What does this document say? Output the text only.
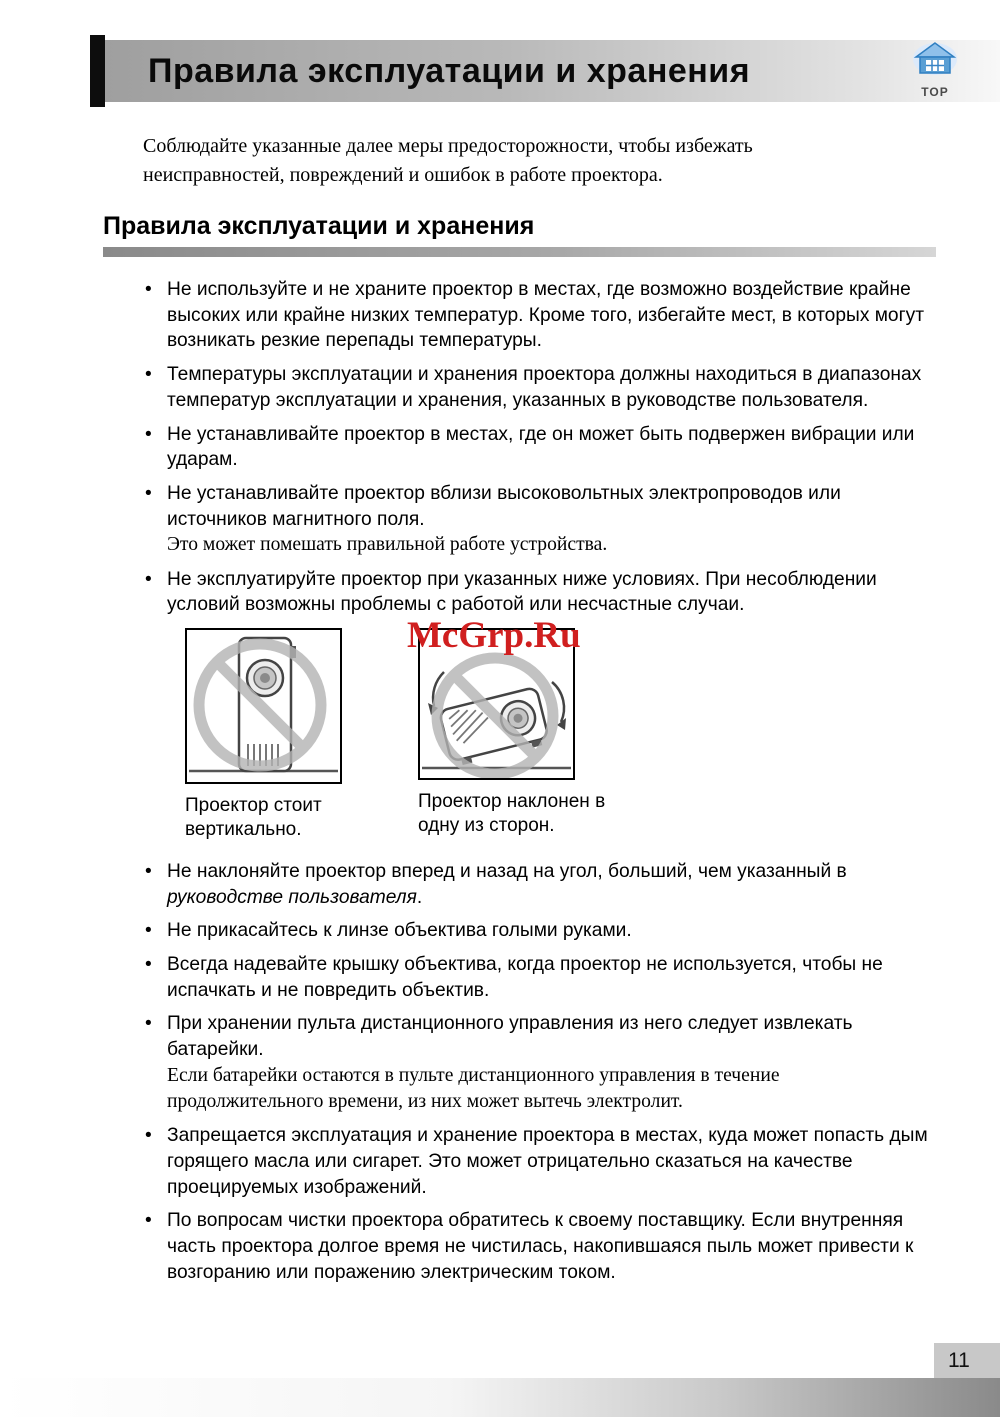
Правила эксплуатации и хранения
TOP

Соблюдайте указанные далее меры предосторожности, чтобы избежать неисправностей, повреждений и ошибок в работе проектора.

Правила эксплуатации и хранения
• Не используйте и не храните проектор в местах, где возможно воздействие крайне высоких или крайне низких температур. Кроме того, избегайте мест, в которых могут возникать резкие перепады температуры.
• Температуры эксплуатации и хранения проектора должны находиться в диапазонах температур эксплуатации и хранения, указанных в руководстве пользователя.
• Не устанавливайте проектор в местах, где он может быть подвержен вибрации или ударам.
• Не устанавливайте проектор вблизи высоковольтных электропроводов или источников магнитного поля.
Это может помешать правильной работе устройства.
• Не эксплуатируйте проектор при указанных ниже условиях. При несоблюдении условий возможны проблемы с работой или несчастные случаи.
McGrp.Ru
Проектор стоит вертикально.
Проектор наклонен в одну из сторон.
• Не наклоняйте проектор вперед и назад на угол, больший, чем указанный в руководстве пользователя.
• Не прикасайтесь к линзе объектива голыми руками.
• Всегда надевайте крышку объектива, когда проектор не используется, чтобы не испачкать и не повредить объектив.
• При хранении пульта дистанционного управления из него следует извлекать батарейки.
Если батарейки остаются в пульте дистанционного управления в течение продолжительного времени, из них может вытечь электролит.
• Запрещается эксплуатация и хранение проектора в местах, куда может попасть дым горящего масла или сигарет. Это может отрицательно сказаться на качестве проецируемых изображений.
• По вопросам чистки проектора обратитесь к своему поставщику. Если внутренняя часть проектора долгое время не чистилась, накопившаяся пыль может привести к возгоранию или поражению электрическим током.
11
